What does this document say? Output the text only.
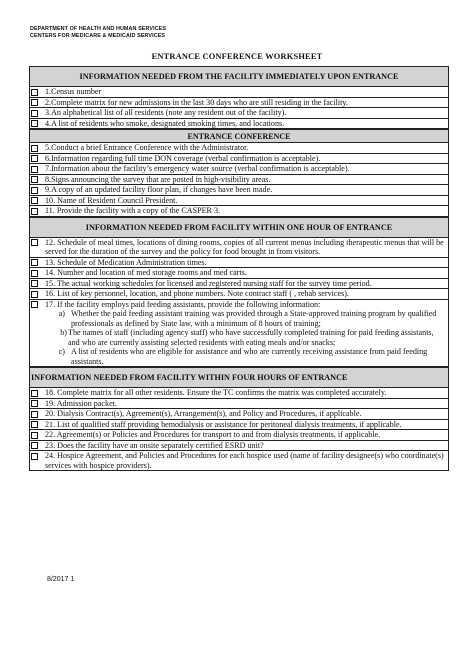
DEPARTMENT OF HEALTH AND HUMAN SERVICES
CENTERS FOR MEDICARE & MEDICAID SERVICES
ENTRANCE CONFERENCE WORKSHEET
INFORMATION NEEDED FROM THE FACILITY IMMEDIATELY UPON ENTRANCE
1.Census number
2.Complete matrix for new admissions in the last 30 days who are still residing in the facility.
3.An alphabetical list of all residents (note any resident out of the facility).
4.A list of residents who smoke, designated smoking times, and locations.
ENTRANCE CONFERENCE
5.Conduct a brief Entrance Conference with the Administrator.
6.Information regarding full time DON coverage (verbal confirmation is acceptable).
7.Information about the facility’s emergency water source (verbal confirmation is acceptable).
8.Signs announcing the survey that are posted in high-visibility areas.
9.A copy of an updated facility floor plan, if changes have been made.
10. Name of Resident Council President.
11. Provide the facility with a copy of the CASPER 3.
INFORMATION NEEDED FROM FACILITY WITHIN ONE HOUR OF ENTRANCE
12. Schedule of meal times, locations of dining rooms, copies of all current menus including therapeutic menus that will be served for the duration of the survey and the policy for food brought in from visitors.
13. Schedule of Medication Administration times.
14. Number and location of med storage rooms and med carts.
15. The actual working schedules for licensed and registered nursing staff for the survey time period.
16. List of key personnel, location, and phone numbers. Note contract staff ( , rehab services).
17. If the facility employs paid feeding assistants, provide the following information:
a) Whether the paid feeding assistant training was provided through a State-approved training program by qualified professionals as defined by State law, with a minimum of 8 hours of training;
b) The names of staff (including agency staff) who have successfully completed training for paid feeding assistants, and who are currently assisting selected residents with eating meals and/or snacks;
c) A list of residents who are eligible for assistance and who are currently receiving assistance from paid feeding assistants.
INFORMATION NEEDED FROM FACILITY WITHIN FOUR HOURS OF ENTRANCE
18. Complete matrix for all other residents. Ensure the TC confirms the matrix was completed accurately.
19. Admission packet.
20. Dialysis Contract(s), Agreement(s), Arrangement(s), and Policy and Procedures, if applicable.
21. List of qualified staff providing hemodialysis or assistance for peritoneal dialysis treatments, if applicable.
22. Agreement(s) or Policies and Procedures for transport to and from dialysis treatments, if applicable.
23. Does the facility have an onsite separately certified ESRD unit?
24. Hospice Agreement, and Policies and Procedures for each hospice used (name of facility designee(s) who coordinate(s) services with hospice providers).
8/2017 1
